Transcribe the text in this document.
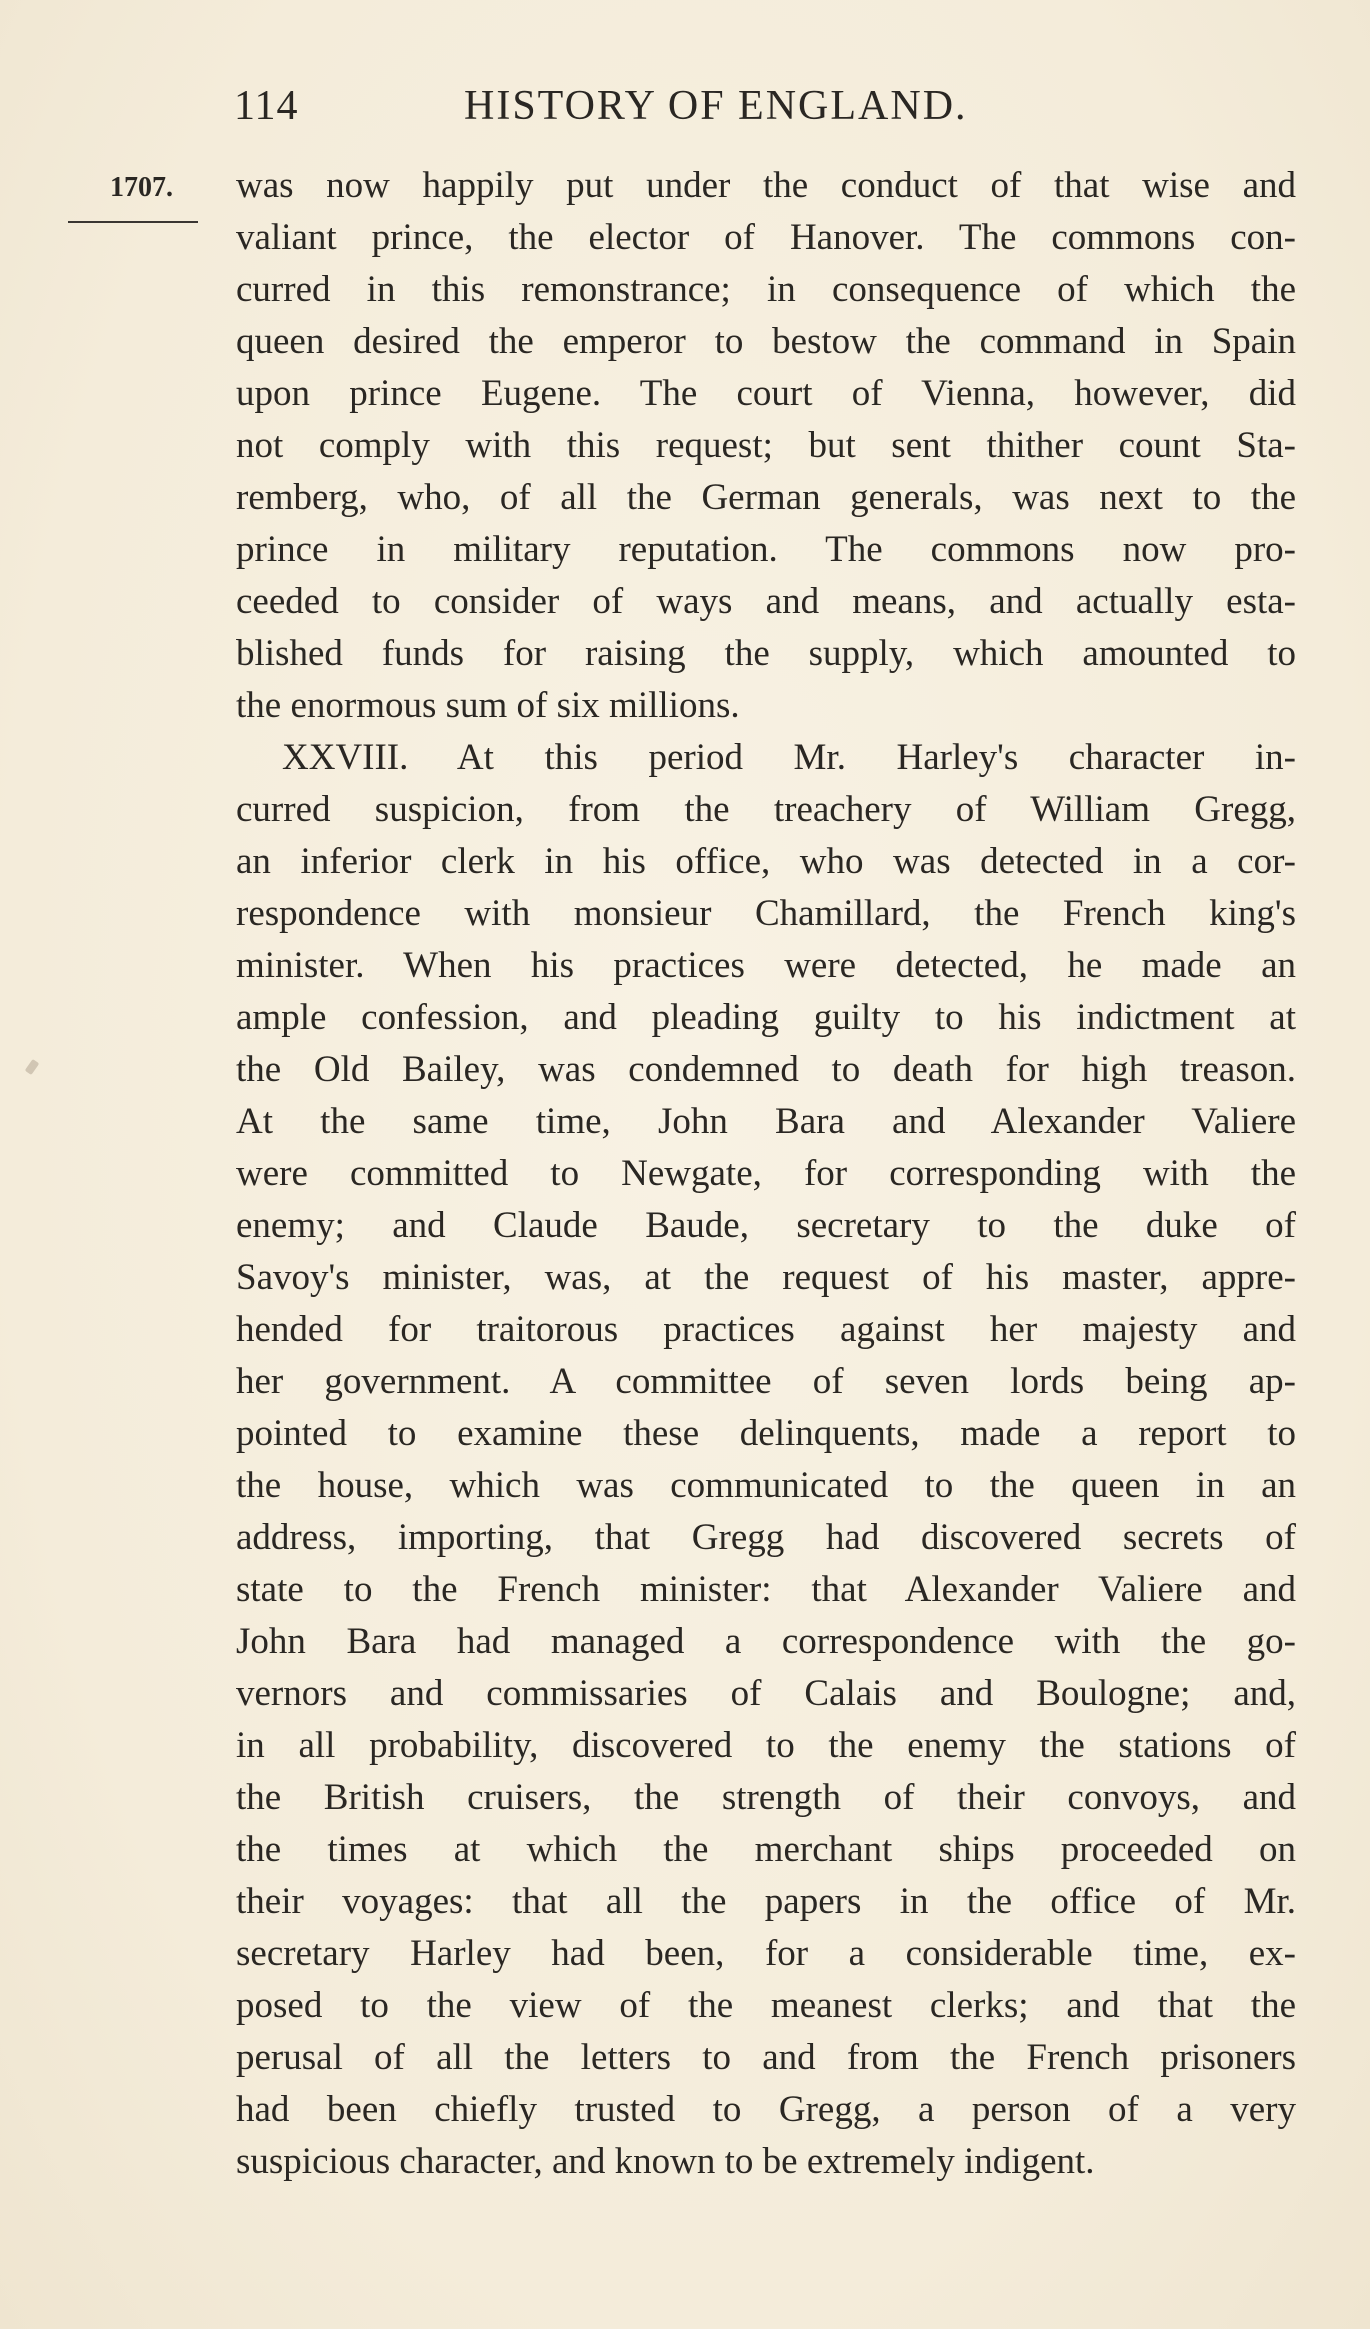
114	HISTORY OF ENGLAND.
1707. was now happily put under the conduct of that wise and
valiant prince, the elector of Hanover. The commons con-
curred in this remonstrance; in consequence of which the
queen desired the emperor to bestow the command in Spain
upon prince Eugene. The court of Vienna, however, did
not comply with this request; but sent thither count Sta-
remberg, who, of all the German generals, was next to the
prince in military reputation. The commons now pro-
ceeded to consider of ways and means, and actually esta-
blished funds for raising the supply, which amounted to
the enormous sum of six millions.
XXVIII. At this period Mr. Harley's character in-
curred suspicion, from the treachery of William Gregg,
an inferior clerk in his office, who was detected in a cor-
respondence with monsieur Chamillard, the French king's
minister. When his practices were detected, he made an
ample confession, and pleading guilty to his indictment at
the Old Bailey, was condemned to death for high treason.
At the same time, John Bara and Alexander Valiere
were committed to Newgate, for corresponding with the
enemy; and Claude Baude, secretary to the duke of
Savoy's minister, was, at the request of his master, appre-
hended for traitorous practices against her majesty and
her government. A committee of seven lords being ap-
pointed to examine these delinquents, made a report to
the house, which was communicated to the queen in an
address, importing, that Gregg had discovered secrets of
state to the French minister: that Alexander Valiere and
John Bara had managed a correspondence with the go-
vernors and commissaries of Calais and Boulogne; and,
in all probability, discovered to the enemy the stations of
the British cruisers, the strength of their convoys, and
the times at which the merchant ships proceeded on
their voyages: that all the papers in the office of Mr.
secretary Harley had been, for a considerable time, ex-
posed to the view of the meanest clerks; and that the
perusal of all the letters to and from the French prisoners
had been chiefly trusted to Gregg, a person of a very
suspicious character, and known to be extremely indigent.
